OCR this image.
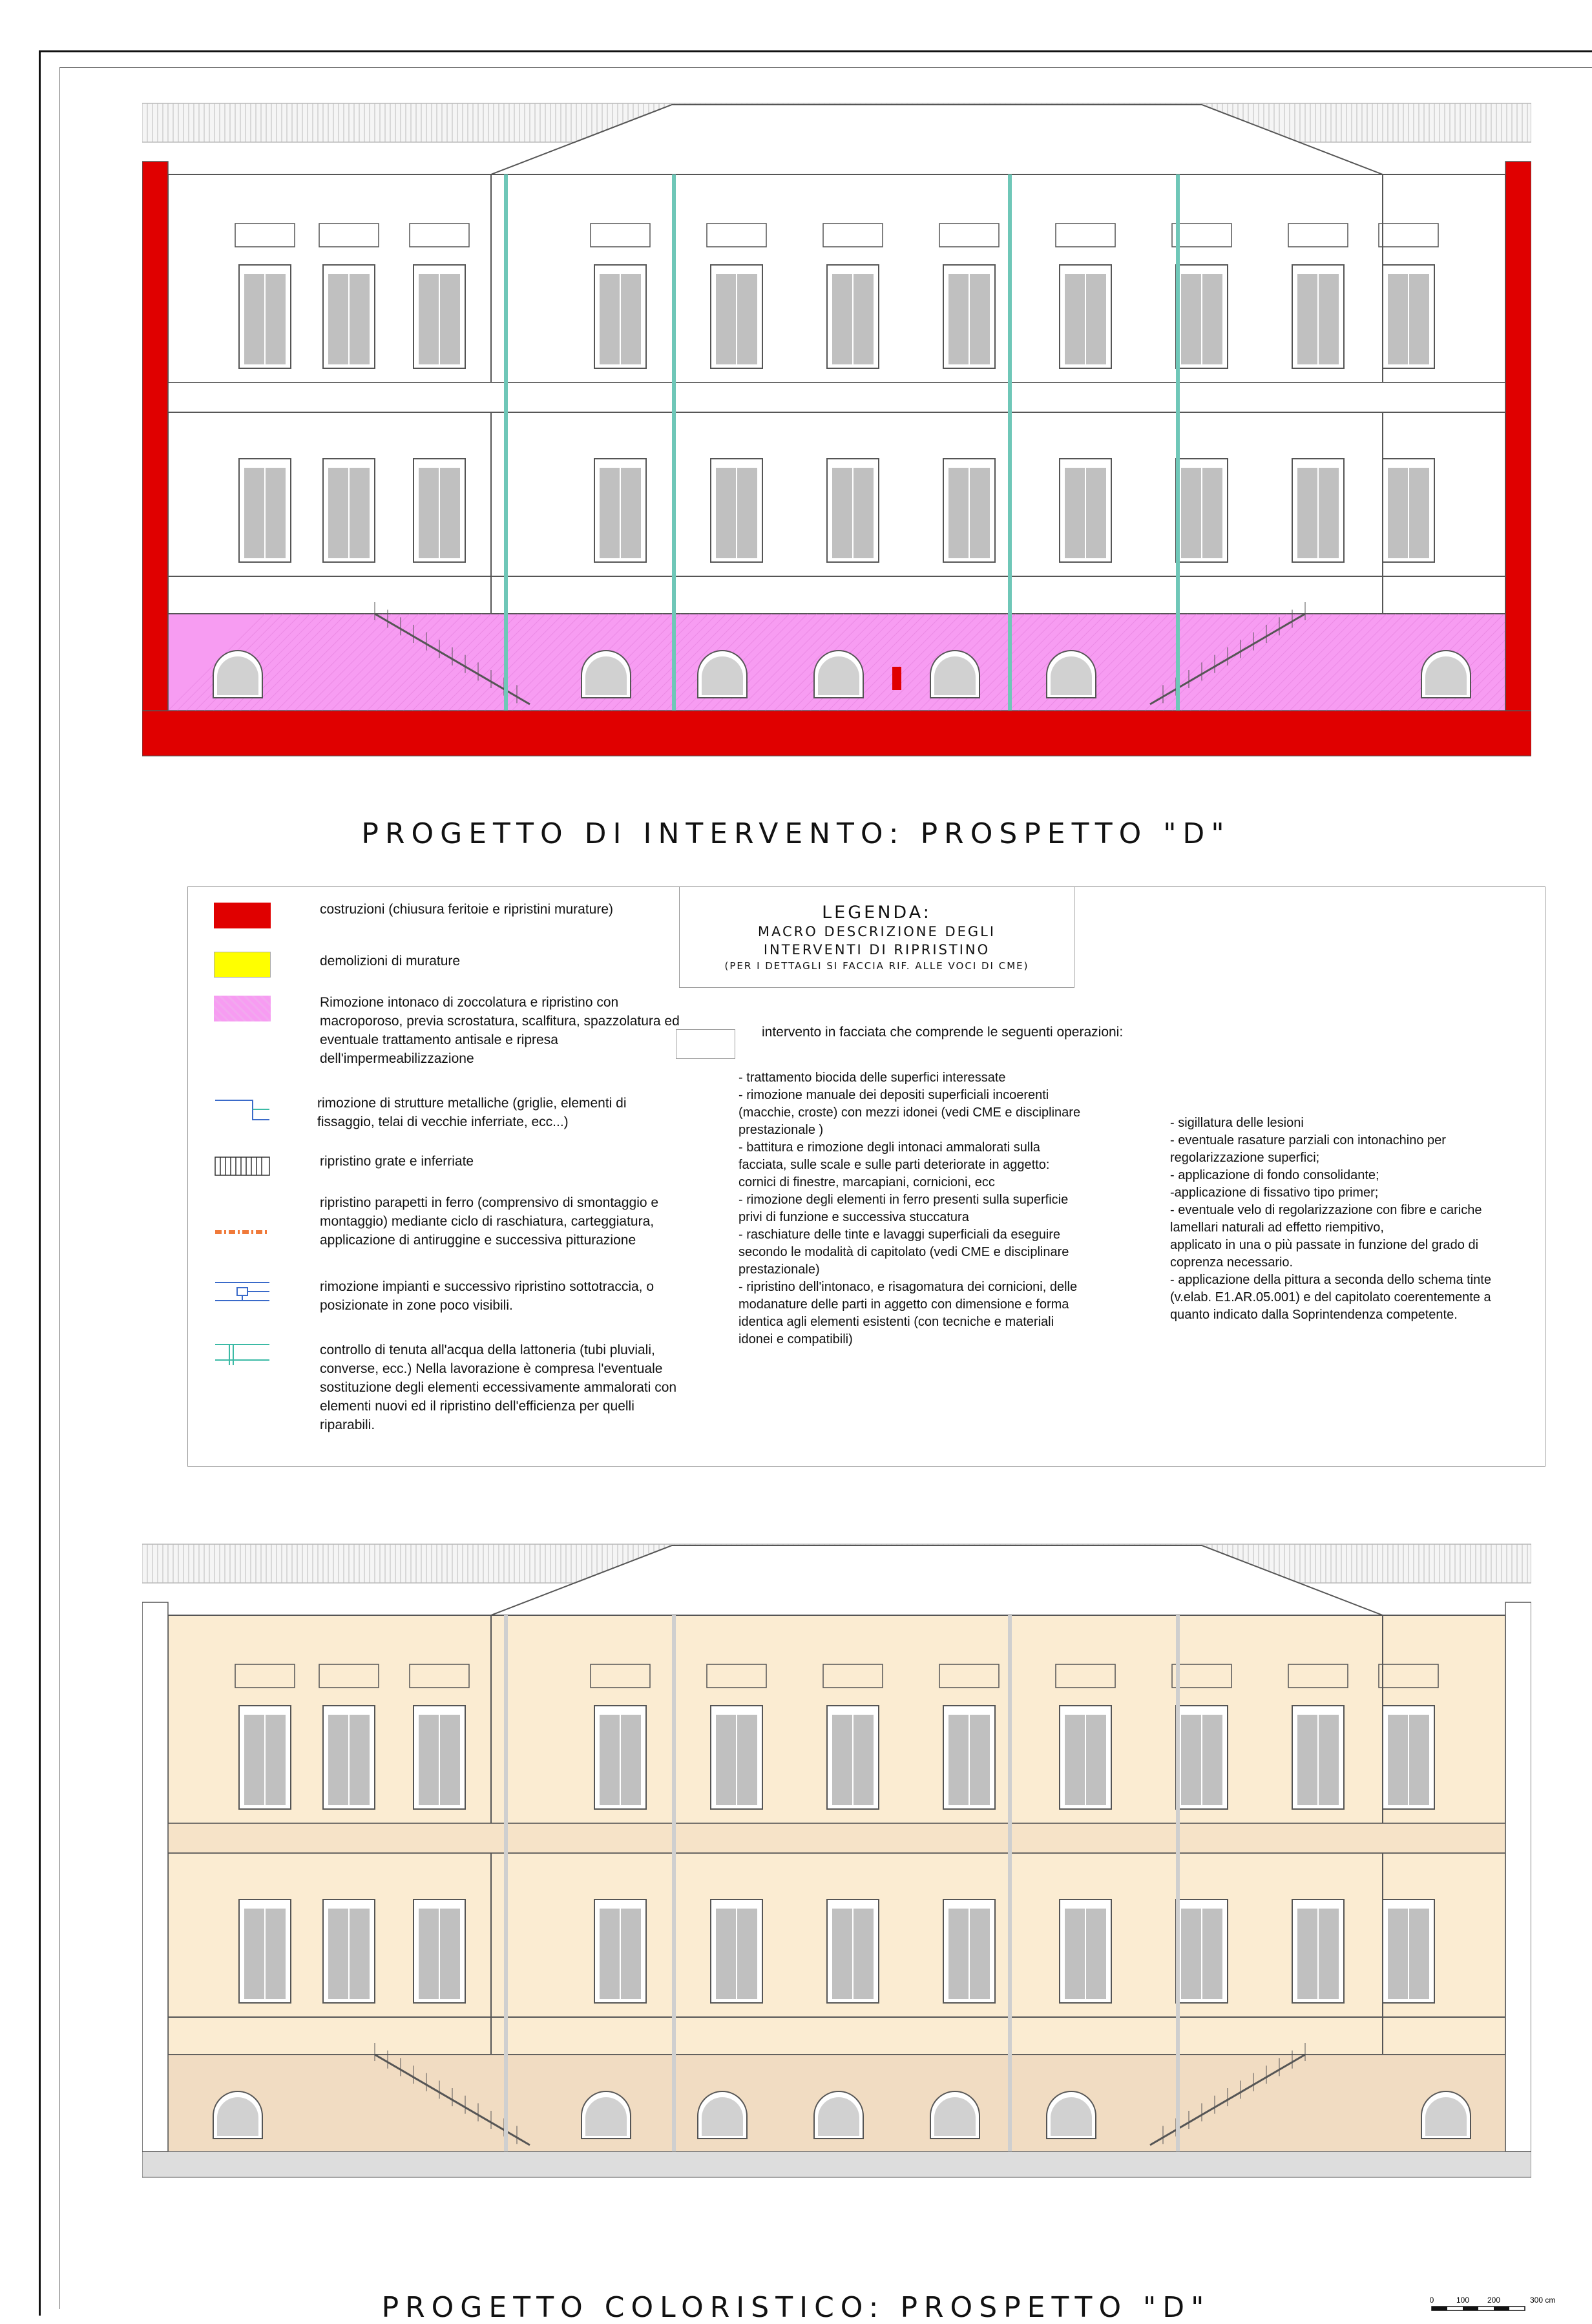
PROGETTO DI INTERVENTO: PROSPETTO "D"
LEGENDA:
MACRO DESCRIZIONE DEGLI
INTERVENTI DI RIPRISTINO
(PER I DETTAGLI SI FACCIA RIF. ALLE VOCI DI CME)
costruzioni (chiusura feritoie e ripristini murature)
demolizioni di murature
Rimozione intonaco di zoccolatura e ripristino con macroporoso, previa scrostatura, scalfitura, spazzolatura ed eventuale trattamento antisale e ripresa dell'impermeabilizzazione
rimozione di strutture metalliche (griglie, elementi di fissaggio, telai di vecchie inferriate, ecc...)
ripristino grate e inferriate
ripristino parapetti in ferro (comprensivo di smontaggio e montaggio) mediante ciclo di raschiatura, carteggiatura, applicazione di antiruggine e successiva pitturazione
rimozione impianti e successivo ripristino sottotraccia, o posizionate in zone poco visibili.
controllo di tenuta all'acqua della lattoneria (tubi pluviali, converse, ecc.) Nella lavorazione è compresa l'eventuale sostituzione degli elementi eccessivamente ammalorati con elementi nuovi ed il ripristino dell'efficienza per quelli riparabili.
intervento in facciata che comprende le seguenti operazioni:
- trattamento biocida delle superfici interessate
- rimozione manuale dei depositi superficiali incoerenti (macchie, croste) con mezzi idonei (vedi CME e disciplinare prestazionale )
- battitura e rimozione degli intonaci ammalorati sulla facciata, sulle scale e sulle parti deteriorate in aggetto: cornici di finestre, marcapiani, cornicioni, ecc
- rimozione degli elementi in ferro presenti sulla superficie privi di funzione e successiva stuccatura
- raschiature delle tinte e lavaggi superficiali da eseguire secondo le modalità di capitolato (vedi CME e disciplinare prestazionale)
- ripristino dell'intonaco, e risagomatura dei cornicioni, delle modanature delle parti in aggetto con dimensione e forma identica agli elementi esistenti (con tecniche e materiali idonei e compatibili)
- sigillatura delle lesioni
- eventuale rasature parziali con intonachino per regolarizzazione superfici;
- applicazione di fondo consolidante;
-applicazione di fissativo tipo primer;
- eventuale velo di regolarizzazione con fibre e cariche lamellari naturali ad effetto riempitivo,
applicato in una o più passate in funzione del grado di coprenza necessario.
- applicazione della pittura a seconda dello schema tinte (v.elab. E1.AR.05.001) e del capitolato coerentemente a quanto indicato dalla Soprintendenza competente.
PROGETTO COLORISTICO: PROSPETTO "D"	0	100 200	300 cm
